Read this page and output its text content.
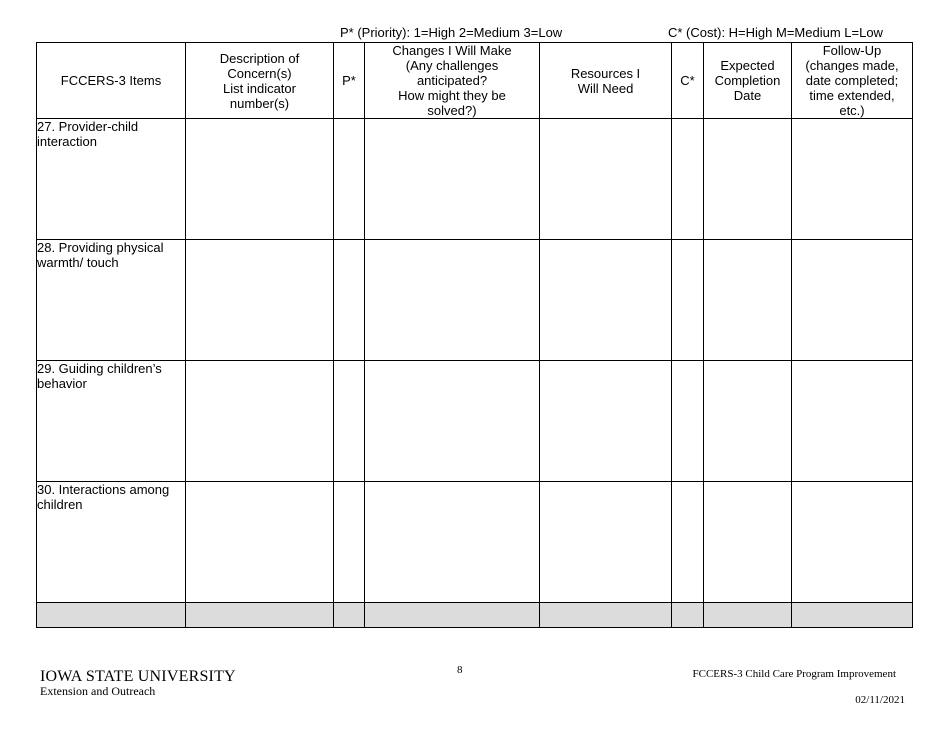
P* (Priority): 1=High 2=Medium 3=Low	C* (Cost): H=High M=Medium L=Low
FCCERS-3 Items	Description of
Concern(s)
List indicator
number(s)	P*	Changes I Will Make
(Any challenges
anticipated?
How might they be
solved?)	Resources I
Will Need	C*	Expected
Completion
Date	Follow-Up
(changes made,
date completed;
time extended,
etc.)
27. Provider-child interaction							
28. Providing physical warmth/ touch							
29. Guiding children’s behavior							
30. Interactions among children							

IOWA STATE UNIVERSITY
Extension and Outreach
8	FCCERS-3 Child Care Program Improvement
02/11/2021
